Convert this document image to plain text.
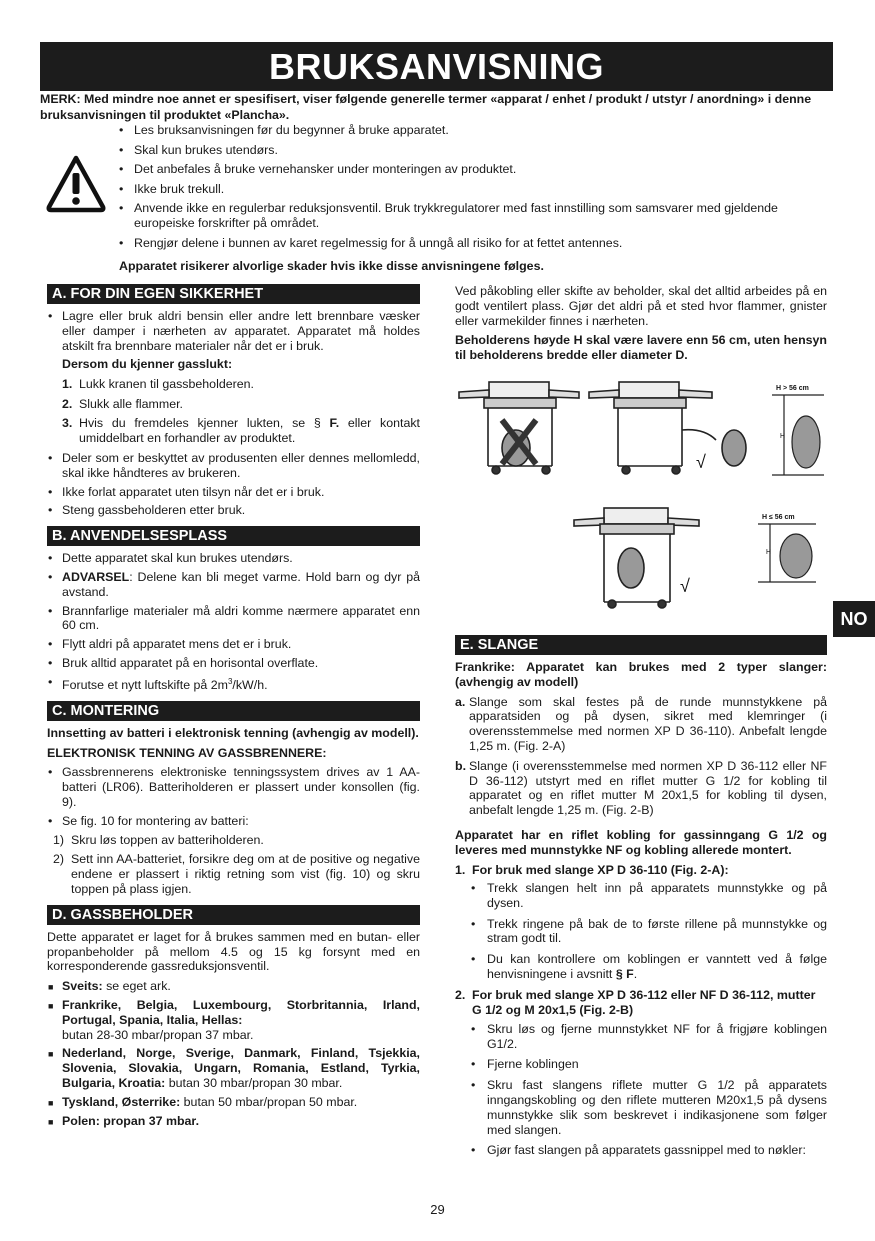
BRUKSANVISNING
MERK: Med mindre noe annet er spesifisert, viser følgende generelle termer «apparat / enhet / produkt / utstyr / anordning» i denne bruksanvisningen til produktet «Plancha».
• Les bruksanvisningen før du begynner å bruke apparatet.
• Skal kun brukes utendørs.
• Det anbefales å bruke vernehansker under monteringen av produktet.
• Ikke bruk trekull.
• Anvende ikke en regulerbar reduksjonsventil. Bruk trykkregulatorer med fast innstilling som samsvarer med gjeldende europeiske forskrifter på området.
• Rengjør delene i bunnen av karet regelmessig for å unngå all risiko for at fettet antennes.
Apparatet risikerer alvorlige skader hvis ikke disse anvisningene følges.
A. FOR DIN EGEN SIKKERHET
• Lagre eller bruk aldri bensin eller andre lett brennbare væsker eller damper i nærheten av apparatet. Apparatet må holdes atskilt fra brennbare materialer når det er i bruk.
Dersom du kjenner gasslukt:
1. Lukk kranen til gassbeholderen.
2. Slukk alle flammer.
3. Hvis du fremdeles kjenner lukten, se § F. eller kontakt umiddelbart en forhandler av produktet.
• Deler som er beskyttet av produsenten eller dennes mellomledd, skal ikke håndteres av brukeren.
• Ikke forlat apparatet uten tilsyn når det er i bruk.
• Steng gassbeholderen etter bruk.
B. ANVENDELSESPLASS
• Dette apparatet skal kun brukes utendørs.
• ADVARSEL: Delene kan bli meget varme. Hold barn og dyr på avstand.
• Brannfarlige materialer må aldri komme nærmere apparatet enn 60 cm.
• Flytt aldri på apparatet mens det er i bruk.
• Bruk alltid apparatet på en horisontal overflate.
• Forutse et nytt luftskifte på $2m^3/kW/h$.
C. MONTERING

Innsetting av batteri i elektronisk tenning (avhengig av modell).

ELEKTRONISK TENNING AV GASSBRENNERE:

• Gassbrennerens elektroniske tenningssystem drives av 1 AA-batteri (LR06). Batteriholderen er plassert under konsollen (fig. 9).
• Se fig. 10 for montering av batteri:
1) Skru løs toppen av batteriholderen.
2) Sett inn AA-batteriet, forsikre deg om at de positive og negative endene er plassert i riktig retning som vist (fig. 10) og skru toppen på plass igjen.
D. GASSBEHOLDER

Dette apparatet er laget for å brukes sammen med en butan- eller propanbeholder på mellom 4.5 og 15 kg forsynt med en korresponderende gassreduksjonsventil.

■ Sveits: se eget ark.
■ Frankrike, Belgia, Luxembourg, Storbritannia, Irland, Portugal, Spania, Italia, Hellas:
butan 28-30 mbar/propan 37 mbar.
■ Nederland, Norge, Sverige, Danmark, Finland, Tsjekkia, Slovenia, Slovakia, Ungarn, Romania, Estland, Tyrkia, Bulgaria, Kroatia: butan 30 mbar/propan 30 mbar.
■ Tyskland, Østerrike: butan 50 mbar/propan 50 mbar.
■ Polen: propan 37 mbar.

Ved påkobling eller skifte av beholder, skal det alltid arbeides på en godt ventilert plass. Gjør det aldri på et sted hvor flammer, gnister eller varmekilder finnes i nærheten.

Beholderens høyde H skal være lavere enn 56 cm, uten hensyn til beholderens bredde eller diameter D.

√
H > 56 cm
H
√
H ≤ 56 cm
H
NO
E. SLANGE

Frankrike: Apparatet kan brukes med 2 typer slanger: (avhengig av modell)

a. Slange som skal festes på de runde munnstykkene på apparatsiden og på dysen, sikret med klemringer (i overensstemmelse med normen XP D 36-110). Anbefalt lengde 1,25 m. (Fig. 2-A)
b. Slange (i overensstemmelse med normen XP D 36-112 eller NF D 36-112) utstyrt med en riflet mutter G 1/2 for kobling til apparatet og en riflet mutter M 20x1,5 for kobling til dysen, anbefalt lengde 1,25 m. (Fig. 2-B)

Apparatet har en riflet kobling for gassinngang G 1/2 og leveres med munnstykke NF og kobling allerede montert.

1. For bruk med slange XP D 36-110 (Fig. 2-A):
• Trekk slangen helt inn på apparatets munnstykke og på dysen.
• Trekk ringene på bak de to første rillene på munnstykke og stram godt til.
• Du kan kontrollere om koblingen er vanntett ved å følge henvisningene i avsnitt § F.
2. For bruk med slange XP D 36-112 eller NF D 36-112, mutter G 1/2 og M 20x1,5 (Fig. 2-B)
• Skru løs og fjerne munnstykket NF for å frigjøre koblingen G1/2.
• Fjerne koblingen
• Skru fast slangens riflete mutter G 1/2 på apparatets inngangskobling og den riflete mutteren M20x1,5 på dysens munnstykke slik som beskrevet i indikasjonene som følger med slangen.
• Gjør fast slangen på apparatets gassnippel med to nøkler:
29
